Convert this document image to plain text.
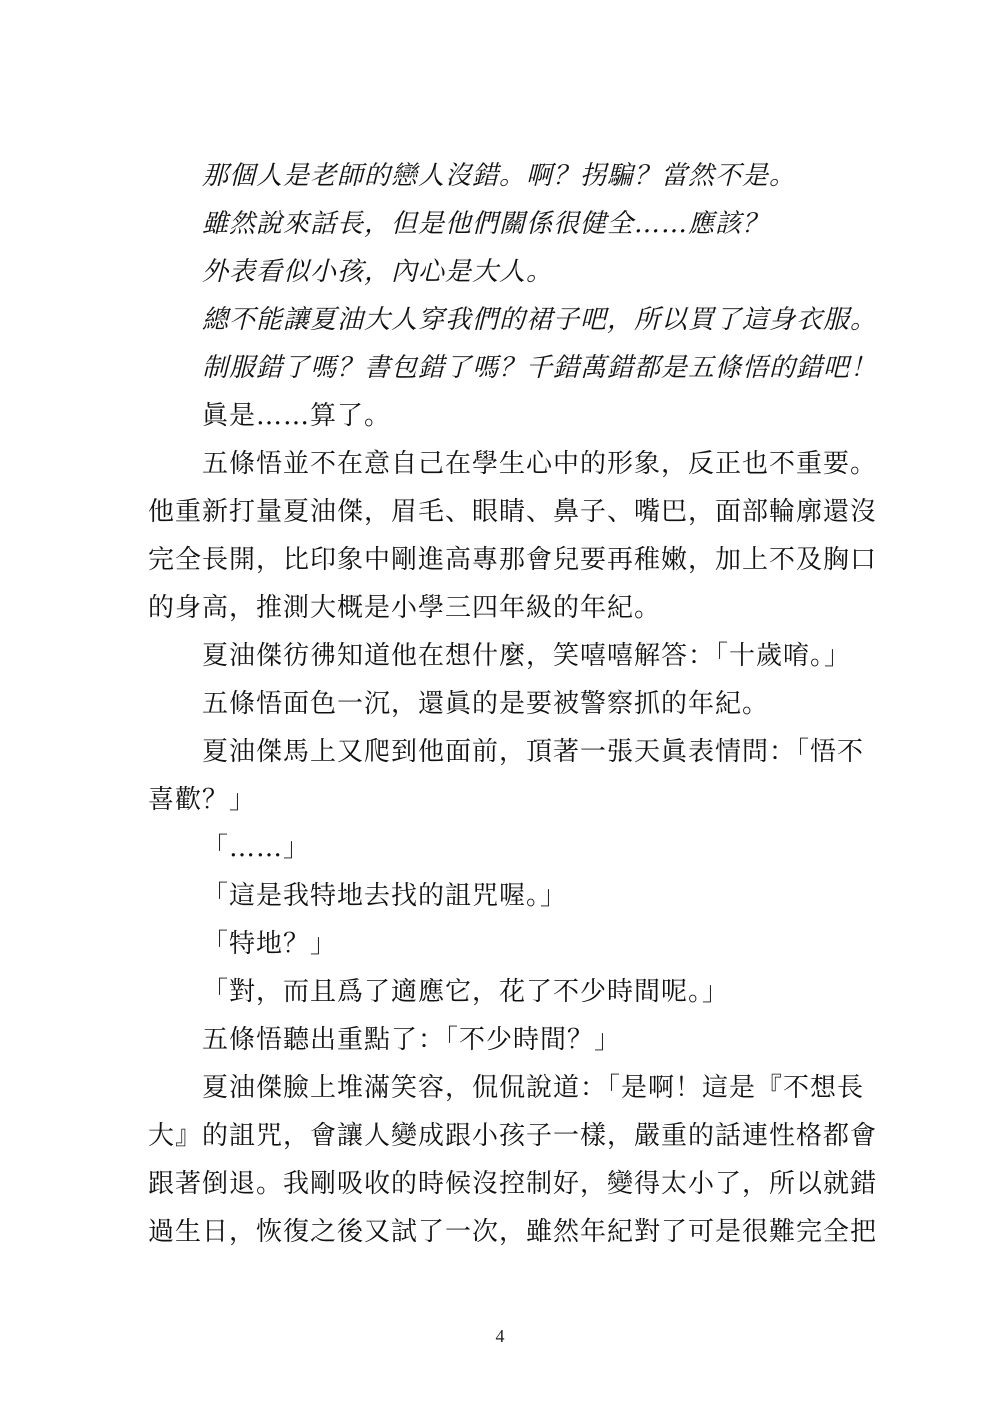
那個人是老師的戀人沒錯。啊？拐騙？當然不是。
雖然說來話長，但是他們關係很健全……應該？
外表看似小孩，內心是大人。
總不能讓夏油大人穿我們的裙子吧，所以買了這身衣服。
制服錯了嗎？書包錯了嗎？千錯萬錯都是五條悟的錯吧！
眞是……算了。
五條悟並不在意自己在學生心中的形象，反正也不重要。
他重新打量夏油傑，眉毛、眼睛、鼻子、嘴巴，面部輪廓還沒
完全長開，比印象中剛進高專那會兒要再稚嫩，加上不及胸口
的身高，推測大概是小學三四年級的年紀。
夏油傑彷彿知道他在想什麼，笑嘻嘻解答：「十歲唷。」
五條悟面色一沉，還眞的是要被警察抓的年紀。
夏油傑馬上又爬到他面前，頂著一張天眞表情問：「悟不
喜歡？」
「……」
「這是我特地去找的詛咒喔。」
「特地？」
「對，而且爲了適應它，花了不少時間呢。」
五條悟聽出重點了：「不少時間？」
夏油傑臉上堆滿笑容，侃侃說道：「是啊！這是『不想長
大』的詛咒，會讓人變成跟小孩子一樣，嚴重的話連性格都會
跟著倒退。我剛吸收的時候沒控制好，變得太小了，所以就錯
過生日，恢復之後又試了一次，雖然年紀對了可是很難完全把
4
